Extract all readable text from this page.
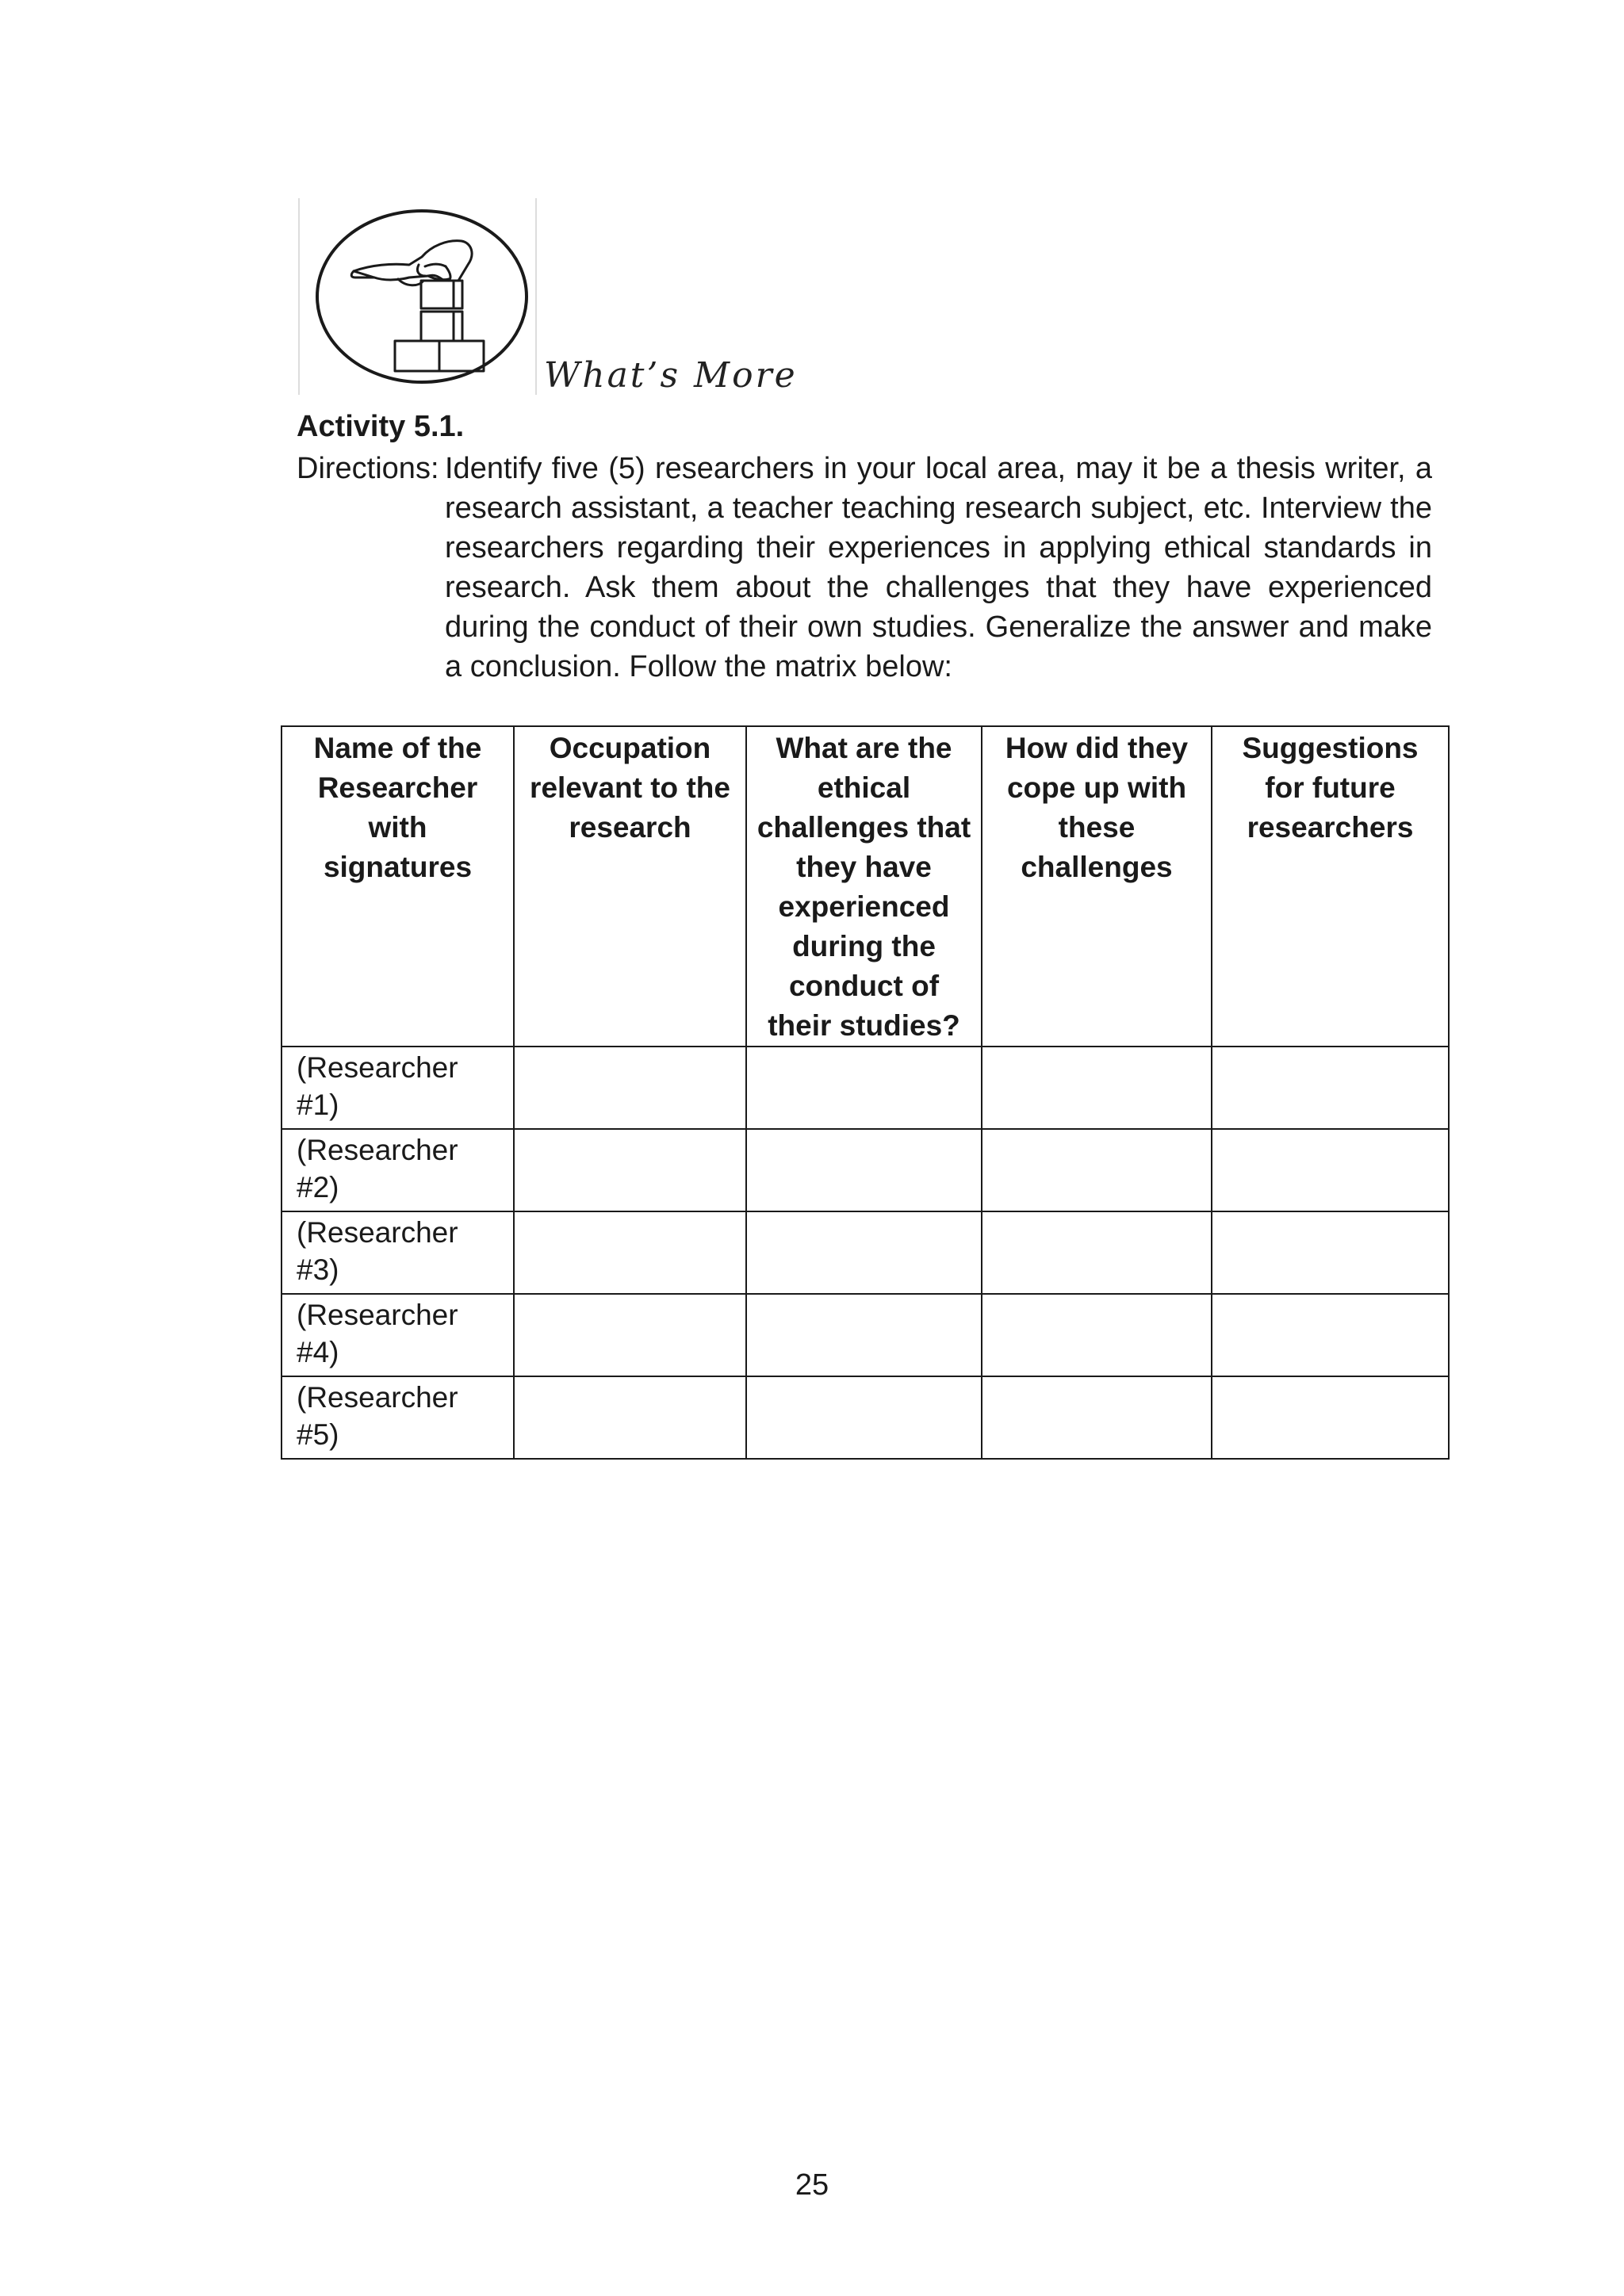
What’s More
Activity 5.1.
Directions: Identify five (5) researchers in your local area, may it be a thesis writer, a research assistant, a teacher teaching research subject, etc. Interview the researchers regarding their experiences in applying ethical standards in research. Ask them about the challenges that they have experienced during the conduct of their own studies. Generalize the answer and make a conclusion. Follow the matrix below:
Name of the Researcher with signatures	Occupation relevant to the research	What are the ethical challenges that they have experienced during the conduct of their studies?	How did they cope up with these challenges	Suggestions for future researchers
(Researcher #1)				
(Researcher #2)				
(Researcher #3)				
(Researcher #4)				
(Researcher #5)				
25
